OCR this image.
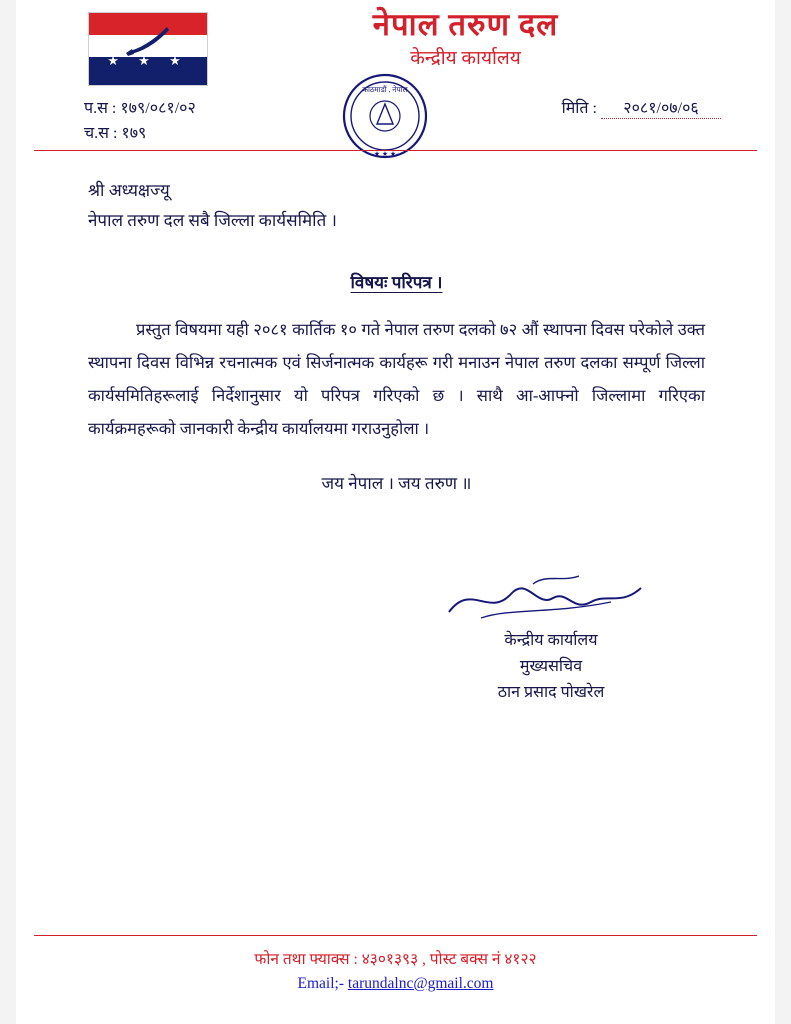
★ ★ ★
नेपाल तरुण दल
केन्द्रीय कार्यालय
★ ★ ★
काठमाडौं , नेपाल
प.स : १७९/०८१/०२
च.स : १७९
मिति : २०८१/०७/०६
श्री अध्यक्षज्यू
नेपाल तरुण दल सबै जिल्ला कार्यसमिति ।
विषयः परिपत्र ।
प्रस्तुत विषयमा यही २०८१ कार्तिक १० गते नेपाल तरुण दलको ७२ औं स्थापना दिवस परेकोले उक्त स्थापना दिवस विभिन्न रचनात्मक एवं सिर्जनात्मक कार्यहरू गरी मनाउन नेपाल तरुण दलका सम्पूर्ण जिल्ला कार्यसमितिहरूलाई निर्देशानुसार यो परिपत्र गरिएको छ । साथै आ-आफ्नो जिल्लामा गरिएका कार्यक्रमहरूको जानकारी केन्द्रीय कार्यालयमा गराउनुहोला ।
जय नेपाल । जय तरुण ॥
केन्द्रीय कार्यालय
मुख्यसचिव
ठान प्रसाद पोखरेल
फोन तथा फ्याक्स : ४३०१३९३ , पोस्ट बक्स नं ४१२२
Email;- tarundalnc@gmail.com
